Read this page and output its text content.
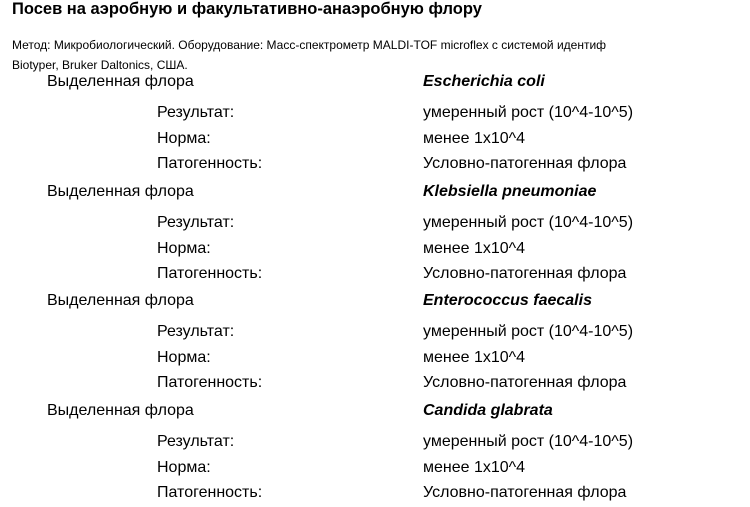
Посев на аэробную и факультативно-анаэробную флору
Метод: Микробиологический. Оборудование: Масс-спектрометр MALDI-TOF microflex с системой идентиф
Biotyper, Bruker Daltonics, США.
Выделенная флора	Escherichia coli
Результат:	умеренный рост (10^4-10^5)
Норма:	менее 1x10^4
Патогенность:	Условно-патогенная флора
Выделенная флора	Klebsiella pneumoniae
Результат:	умеренный рост (10^4-10^5)
Норма:	менее 1x10^4
Патогенность:	Условно-патогенная флора
Выделенная флора	Enterococcus faecalis
Результат:	умеренный рост (10^4-10^5)
Норма:	менее 1x10^4
Патогенность:	Условно-патогенная флора
Выделенная флора	Candida glabrata
Результат:	умеренный рост (10^4-10^5)
Норма:	менее 1x10^4
Патогенность:	Условно-патогенная флора
